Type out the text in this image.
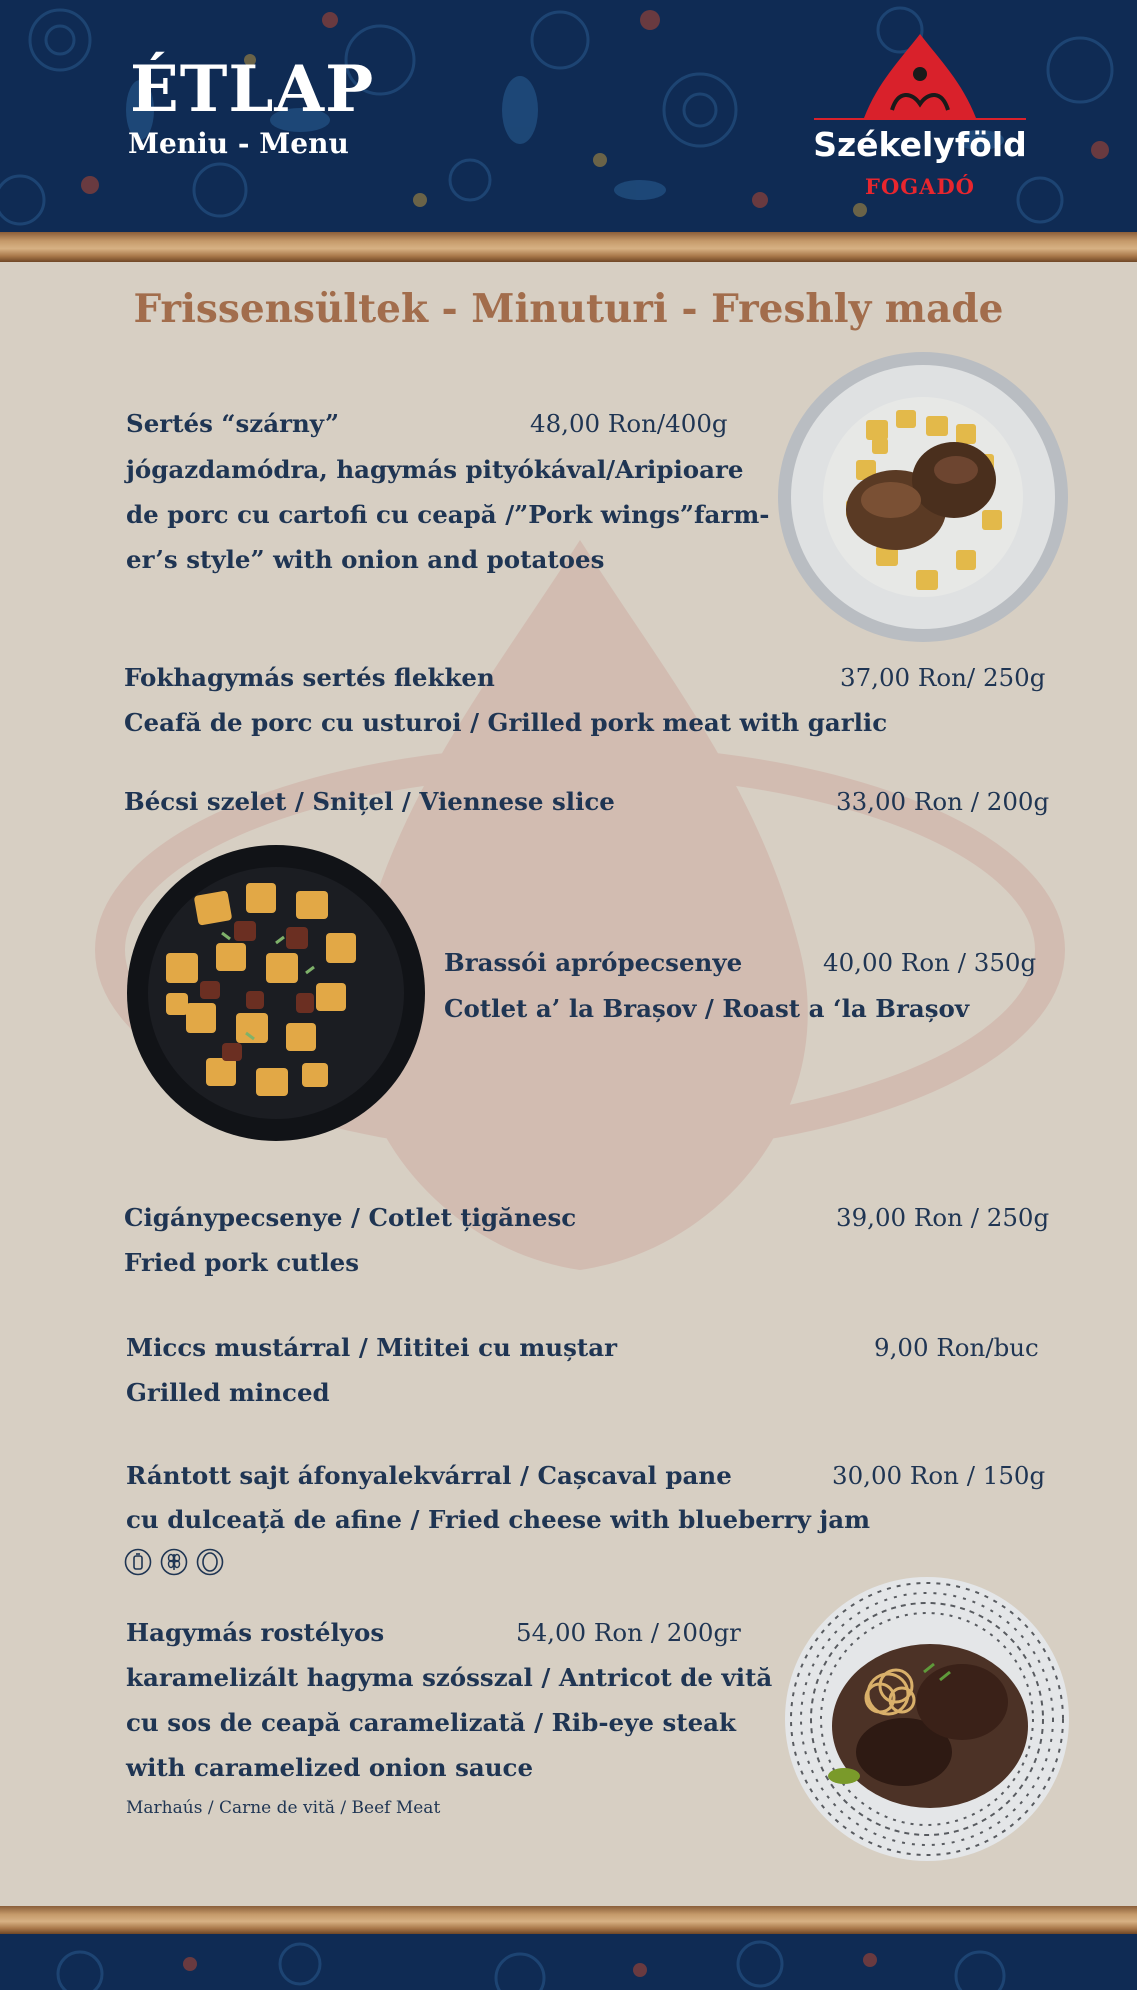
ÉTLAP
Meniu - Menu	Székelyföld
FOGADÓ
Frissensültek - Minuturi - Freshly made
Sertés “szárny”	48,00 Ron/400g
jógazdamódra, hagymás pityókával/Aripioare
de porc cu cartofi cu ceapă /”Pork wings”farm-
er’s style” with onion and potatoes
Fokhagymás sertés flekken	37,00 Ron/ 250g
Ceafă de porc cu usturoi / Grilled pork meat with garlic
Bécsi szelet / Snițel / Viennese slice	33,00 Ron / 200g
Brassói aprópecsenye	40,00 Ron / 350g
Cotlet a’ la Brașov / Roast a ‘la Brașov
Cigánypecsenye / Cotlet țigănesc	39,00 Ron / 250g
Fried pork cutles
Miccs mustárral / Mititei cu muștar	9,00 Ron/buc
Grilled minced
Rántott sajt áfonyalekvárral / Cașcaval pane	30,00 Ron / 150g
cu dulceață de afine / Fried cheese with blueberry jam
Hagymás rostélyos	54,00 Ron / 200gr
karamelizált hagyma szósszal / Antricot de vită
cu sos de ceapă caramelizată / Rib-eye steak
with caramelized onion sauce
Marhaús / Carne de vită / Beef Meat
